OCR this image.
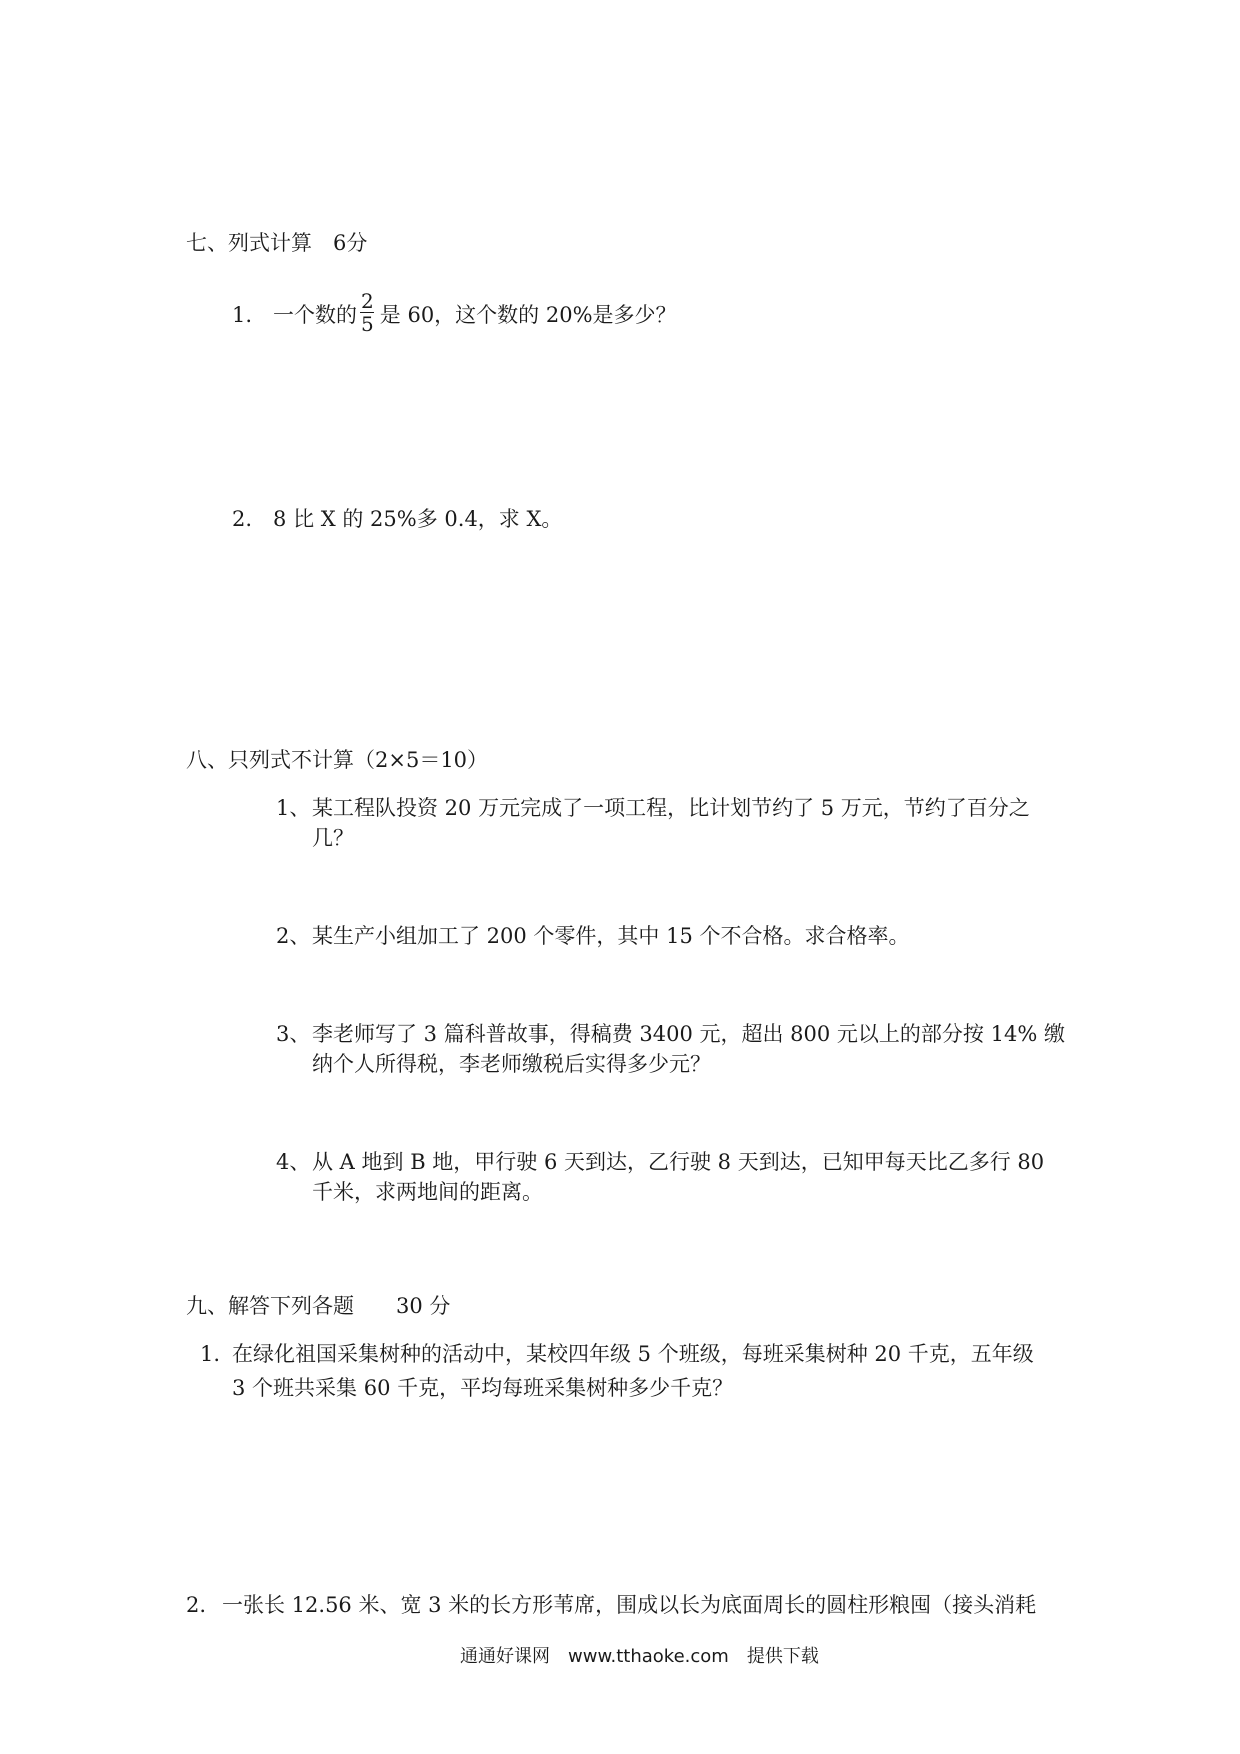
七、列式计算　6分
1.　 一个数的 $\frac{2}{5}$ 是 60，这个数的 20%是多少？
2.　 8 比 X 的 25%多 0.4，求 X。
八、只列式不计算（2×5＝10）
1、 某工程队投资 20 万元完成了一项工程，比计划节约了 5 万元，节约了百分之
几？
2、 某生产小组加工了 200 个零件，其中 15 个不合格。求合格率。
3、 李老师写了 3 篇科普故事，得稿费 3400 元，超出 800 元以上的部分按 14% 缴
纳个人所得税，李老师缴税后实得多少元？
4、 从 A 地到 B 地，甲行驶 6 天到达，乙行驶 8 天到达，已知甲每天比乙多行 80
千米，求两地间的距离。
九、解答下列各题　　30 分
1. 在绿化祖国采集树种的活动中，某校四年级 5 个班级，每班采集树种 20 千克，五年级
3 个班共采集 60 千克，平均每班采集树种多少千克？
2. 一张长 12.56 米、宽 3 米的长方形苇席，围成以长为底面周长的圆柱形粮囤（接头消耗
通通好课网　www.tthaoke.com　提供下载
